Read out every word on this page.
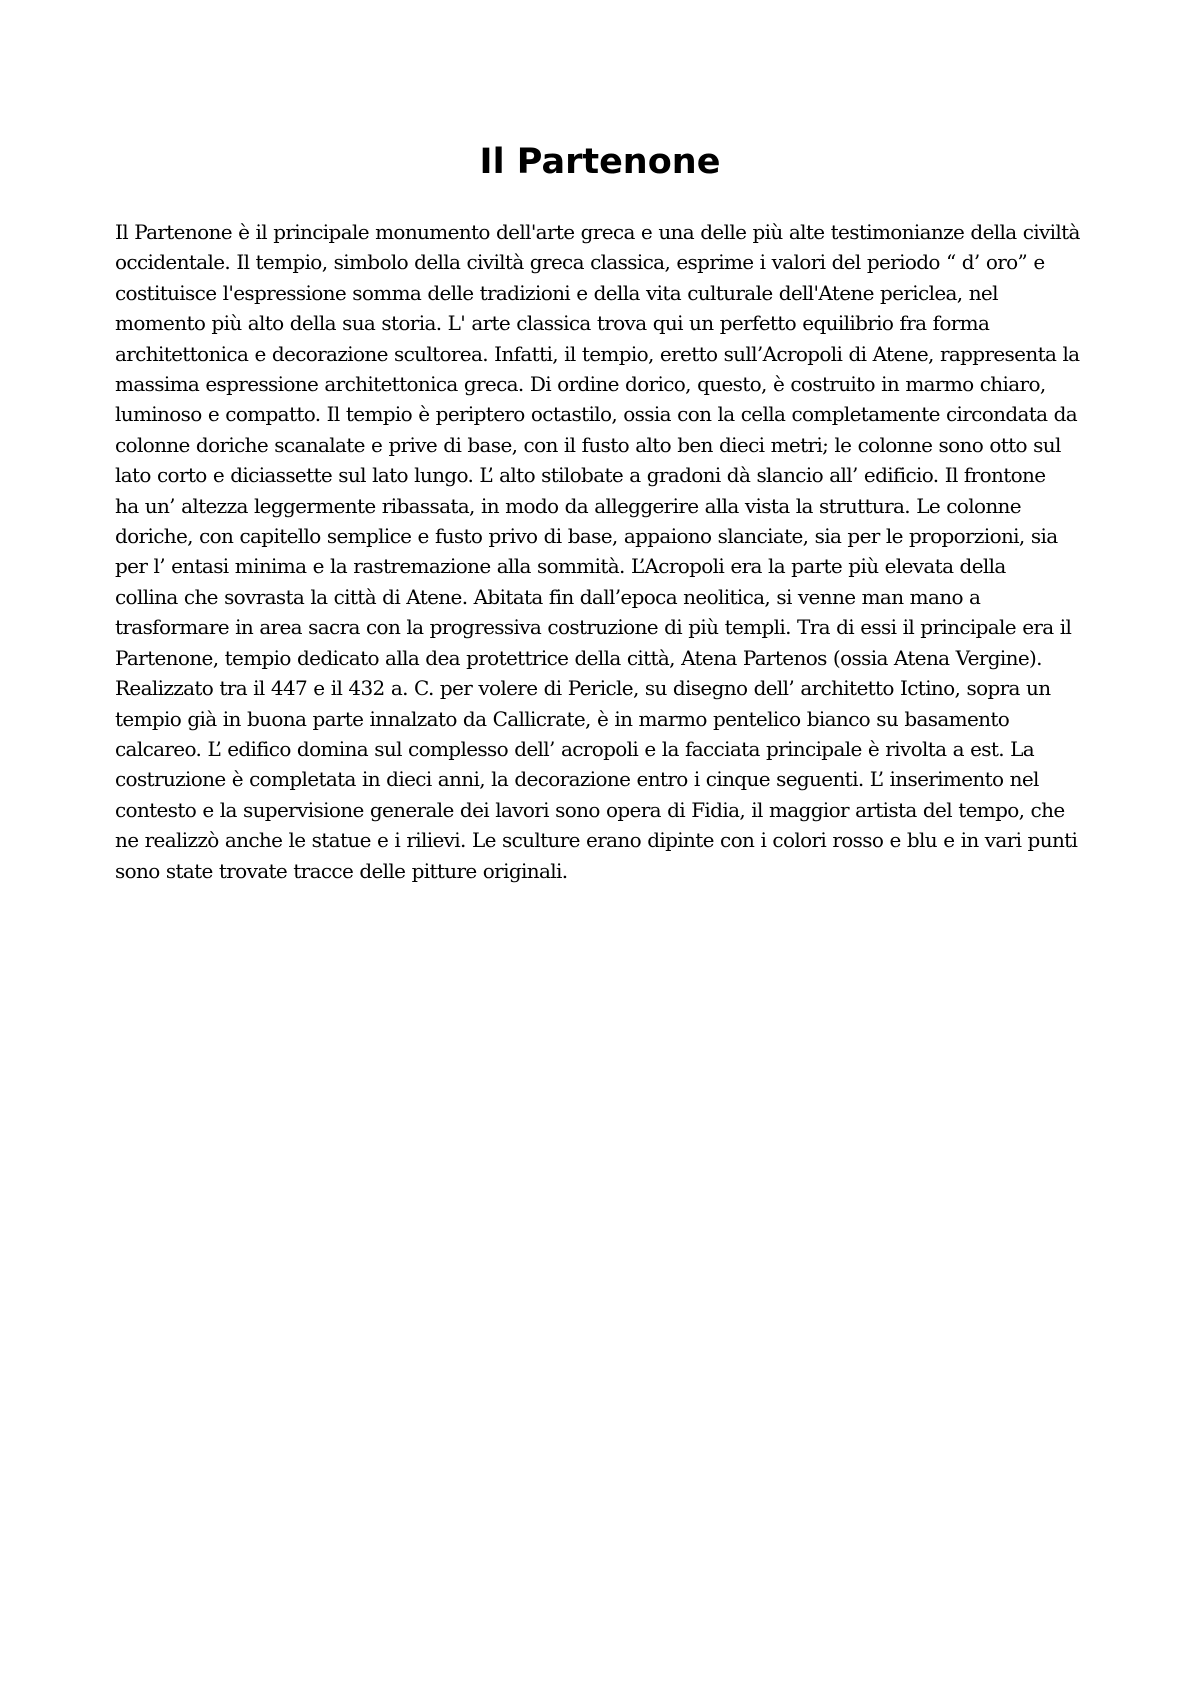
Il Partenone
Il Partenone è il principale monumento dell'arte greca e una delle più alte testimonianze della civiltà
occidentale. Il tempio, simbolo della civiltà greca classica, esprime i valori del periodo “ d’ oro” e
costituisce l'espressione somma delle tradizioni e della vita culturale dell'Atene periclea, nel
momento più alto della sua storia. L' arte classica trova qui un perfetto equilibrio fra forma
architettonica e decorazione scultorea. Infatti, il tempio, eretto sull’Acropoli di Atene, rappresenta la
massima espressione architettonica greca. Di ordine dorico, questo, è costruito in marmo chiaro,
luminoso e compatto. Il tempio è periptero octastilo, ossia con la cella completamente circondata da
colonne doriche scanalate e prive di base, con il fusto alto ben dieci metri; le colonne sono otto sul
lato corto e diciassette sul lato lungo. L’ alto stilobate a gradoni dà slancio all’ edificio. Il frontone
ha un’ altezza leggermente ribassata, in modo da alleggerire alla vista la struttura. Le colonne
doriche, con capitello semplice e fusto privo di base, appaiono slanciate, sia per le proporzioni, sia
per l’ entasi minima e la rastremazione alla sommità. L’Acropoli era la parte più elevata della
collina che sovrasta la città di Atene. Abitata fin dall’epoca neolitica, si venne man mano a
trasformare in area sacra con la progressiva costruzione di più templi. Tra di essi il principale era il
Partenone, tempio dedicato alla dea protettrice della città, Atena Partenos (ossia Atena Vergine).
Realizzato tra il 447 e il 432 a. C. per volere di Pericle, su disegno dell’ architetto Ictino, sopra un
tempio già in buona parte innalzato da Callicrate, è in marmo pentelico bianco su basamento
calcareo. L’ edifico domina sul complesso dell’ acropoli e la facciata principale è rivolta a est. La
costruzione è completata in dieci anni, la decorazione entro i cinque seguenti. L’ inserimento nel
contesto e la supervisione generale dei lavori sono opera di Fidia, il maggior artista del tempo, che
ne realizzò anche le statue e i rilievi. Le sculture erano dipinte con i colori rosso e blu e in vari punti
sono state trovate tracce delle pitture originali.
